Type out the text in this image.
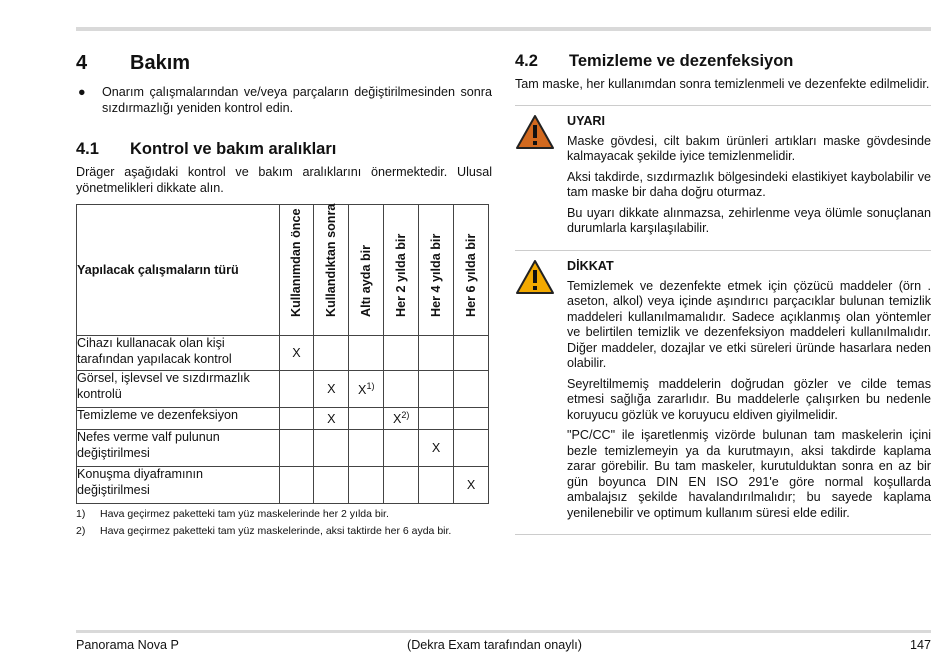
4	Bakım
●	Onarım çalışmalarından ve/veya parçaların değiştirilmesinden sonra sızdırmazlığı yeniden kontrol edin.
4.1	Kontrol ve bakım aralıkları

Dräger aşağıdaki kontrol ve bakım aralıklarını önermektedir. Ulusal yönetmelikleri dikkate alın.

Yapılacak çalışmaların türü	Kullanımdan önce	Kullandıktan sonra	Altı ayda bir	Her 2 yılda bir	Her 4 yılda bir	Her 6 yılda bir

Cihazı kullanacak olan kişi tarafından yapılacak kontrol	X					
Görsel, işlevsel ve sızdırmazlık kontrolü		X	$X^{1)}$			
Temizleme ve dezenfeksiyon		X		$X^{2)}$		
Nefes verme valf pulunun değiştirilmesi					X	
Konuşma diyaframının değiştirilmesi						X
1)	Hava geçirmez paketteki tam yüz maskelerinde her 2 yılda bir.
2)	Hava geçirmez paketteki tam yüz maskelerinde, aksi taktirde her 6 ayda bir.
4.2	Temizleme ve dezenfeksiyon

Tam maske, her kullanımdan sonra temizlenmeli ve dezenfekte edilmelidir.

UYARI

Maske gövdesi, cilt bakım ürünleri artıkları maske gövdesinde kalmayacak şekilde iyice temizlenmelidir.

Aksi takdirde, sızdırmazlık bölgesindeki elastikiyet kaybolabilir ve tam maske bir daha doğru oturmaz.

Bu uyarı dikkate alınmazsa, zehirlenme veya ölümle sonuçlanan durumlarla karşılaşılabilir.

DİKKAT

Temizlemek ve dezenfekte etmek için çözücü maddeler (örn . aseton, alkol) veya içinde aşındırıcı parçacıklar bulunan temizlik maddeleri kullanılmamalıdır. Sadece açıklanmış olan yöntemler ve belirtilen temizlik ve dezenfeksiyon maddeleri kullanılmalıdır. Diğer maddeler, dozajlar ve etki süreleri üründe hasarlara neden olabilir.

Seyreltilmemiş maddelerin doğrudan gözler ve cilde temas etmesi sağlığa zararlıdır. Bu maddelerle çalışırken bu nedenle koruyucu gözlük ve koruyucu eldiven giyilmelidir.

"PC/CC" ile işaretlenmiş vizörde bulunan tam maskelerin içini bezle temizlemeyin ya da kurutmayın, aksi takdirde kaplama zarar görebilir. Bu tam maskeler, kurutulduktan sonra en az bir gün boyunca DIN EN ISO 291'e göre normal koşullarda ambalajsız şekilde havalandırılmalıdır; bu sayede kaplama yenilenebilir ve optimum kullanım süresi elde edilir.

Panorama Nova P	(Dekra Exam tarafından onaylı)	147
